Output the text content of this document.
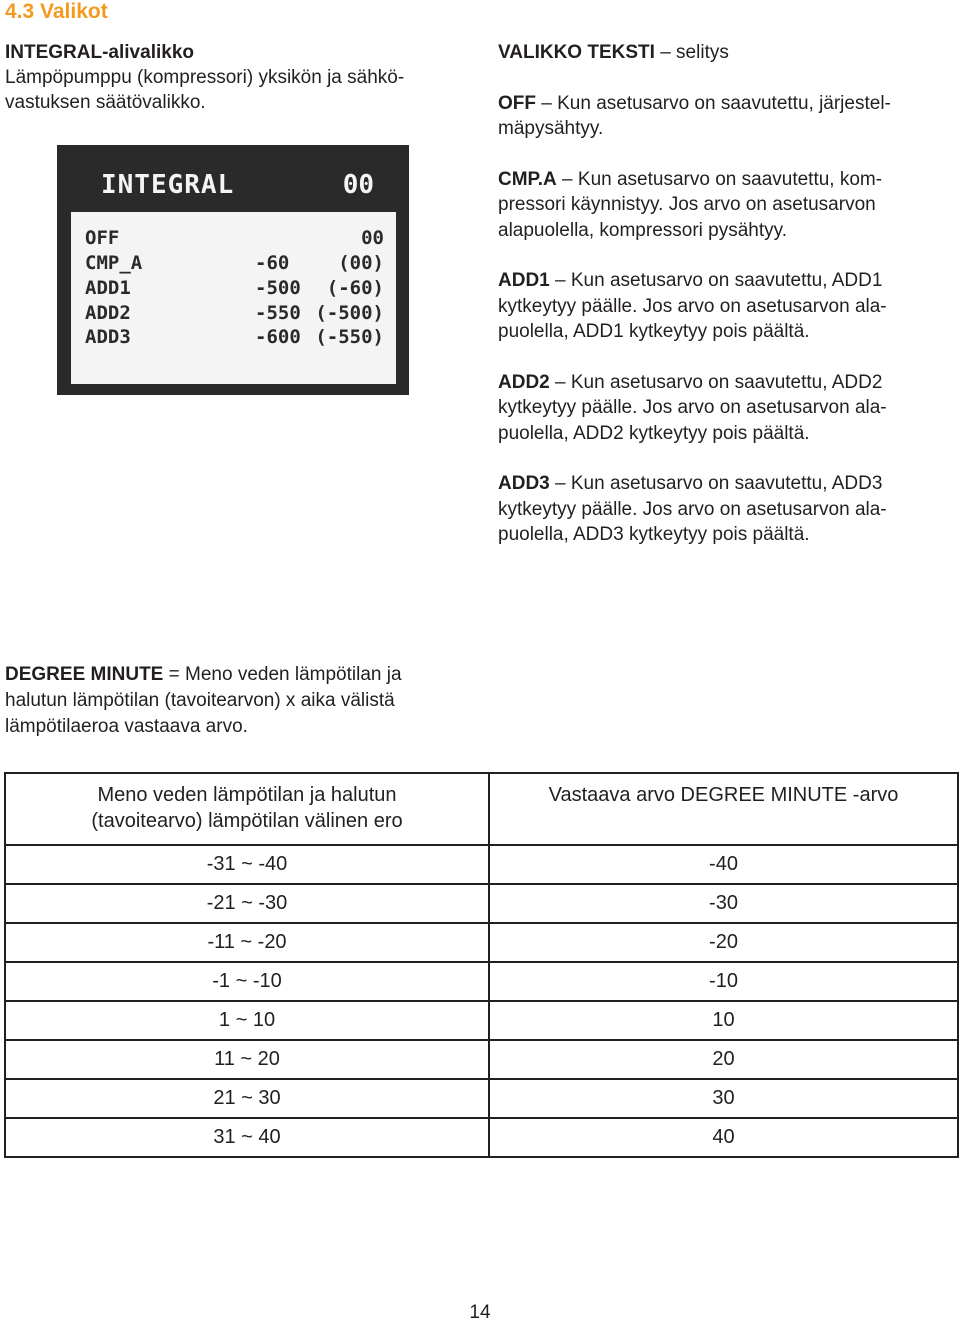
4.3 Valikot
INTEGRAL-alivalikko
Lämpöpumppu (kompressori) yksikön ja sähkö-
vastuksen säätövalikko.
INTEGRAL	00
OFF	00
CMP_A	-60	(00)
ADD1	-500 (-60)
ADD2	-550 (-500)
ADD3	-600 (-550)

VALIKKO TEKSTI – selitys

OFF – Kun asetusarvo on saavutettu, järjestel-mäpysähtyy.

CMP.A – Kun asetusarvo on saavutettu, kom-pressori käynnistyy. Jos arvo on asetusarvon alapuolella, kompressori pysähtyy.

ADD1 – Kun asetusarvo on saavutettu, ADD1 kytkeytyy päälle. Jos arvo on asetusarvon ala-puolella, ADD1 kytkeytyy pois päältä.

ADD2 – Kun asetusarvo on saavutettu, ADD2 kytkeytyy päälle. Jos arvo on asetusarvon ala-puolella, ADD2 kytkeytyy pois päältä.

ADD3 – Kun asetusarvo on saavutettu, ADD3 kytkeytyy päälle. Jos arvo on asetusarvon ala-puolella, ADD3 kytkeytyy pois päältä.

DEGREE MINUTE = Meno veden lämpötilan ja
halutun lämpötilan (tavoitearvon) x aika välistä
lämpötilaeroa vastaava arvo.
Meno veden lämpötilan ja halutun
(tavoitearvo) lämpötilan välinen ero	Vastaava arvo DEGREE MINUTE -arvo
-31 ~ -40	-40
-21 ~ -30	-30
-11 ~ -20	-20
-1 ~ -10	-10
1 ~ 10	10
11 ~ 20	20
21 ~ 30	30
31 ~ 40	40
14
